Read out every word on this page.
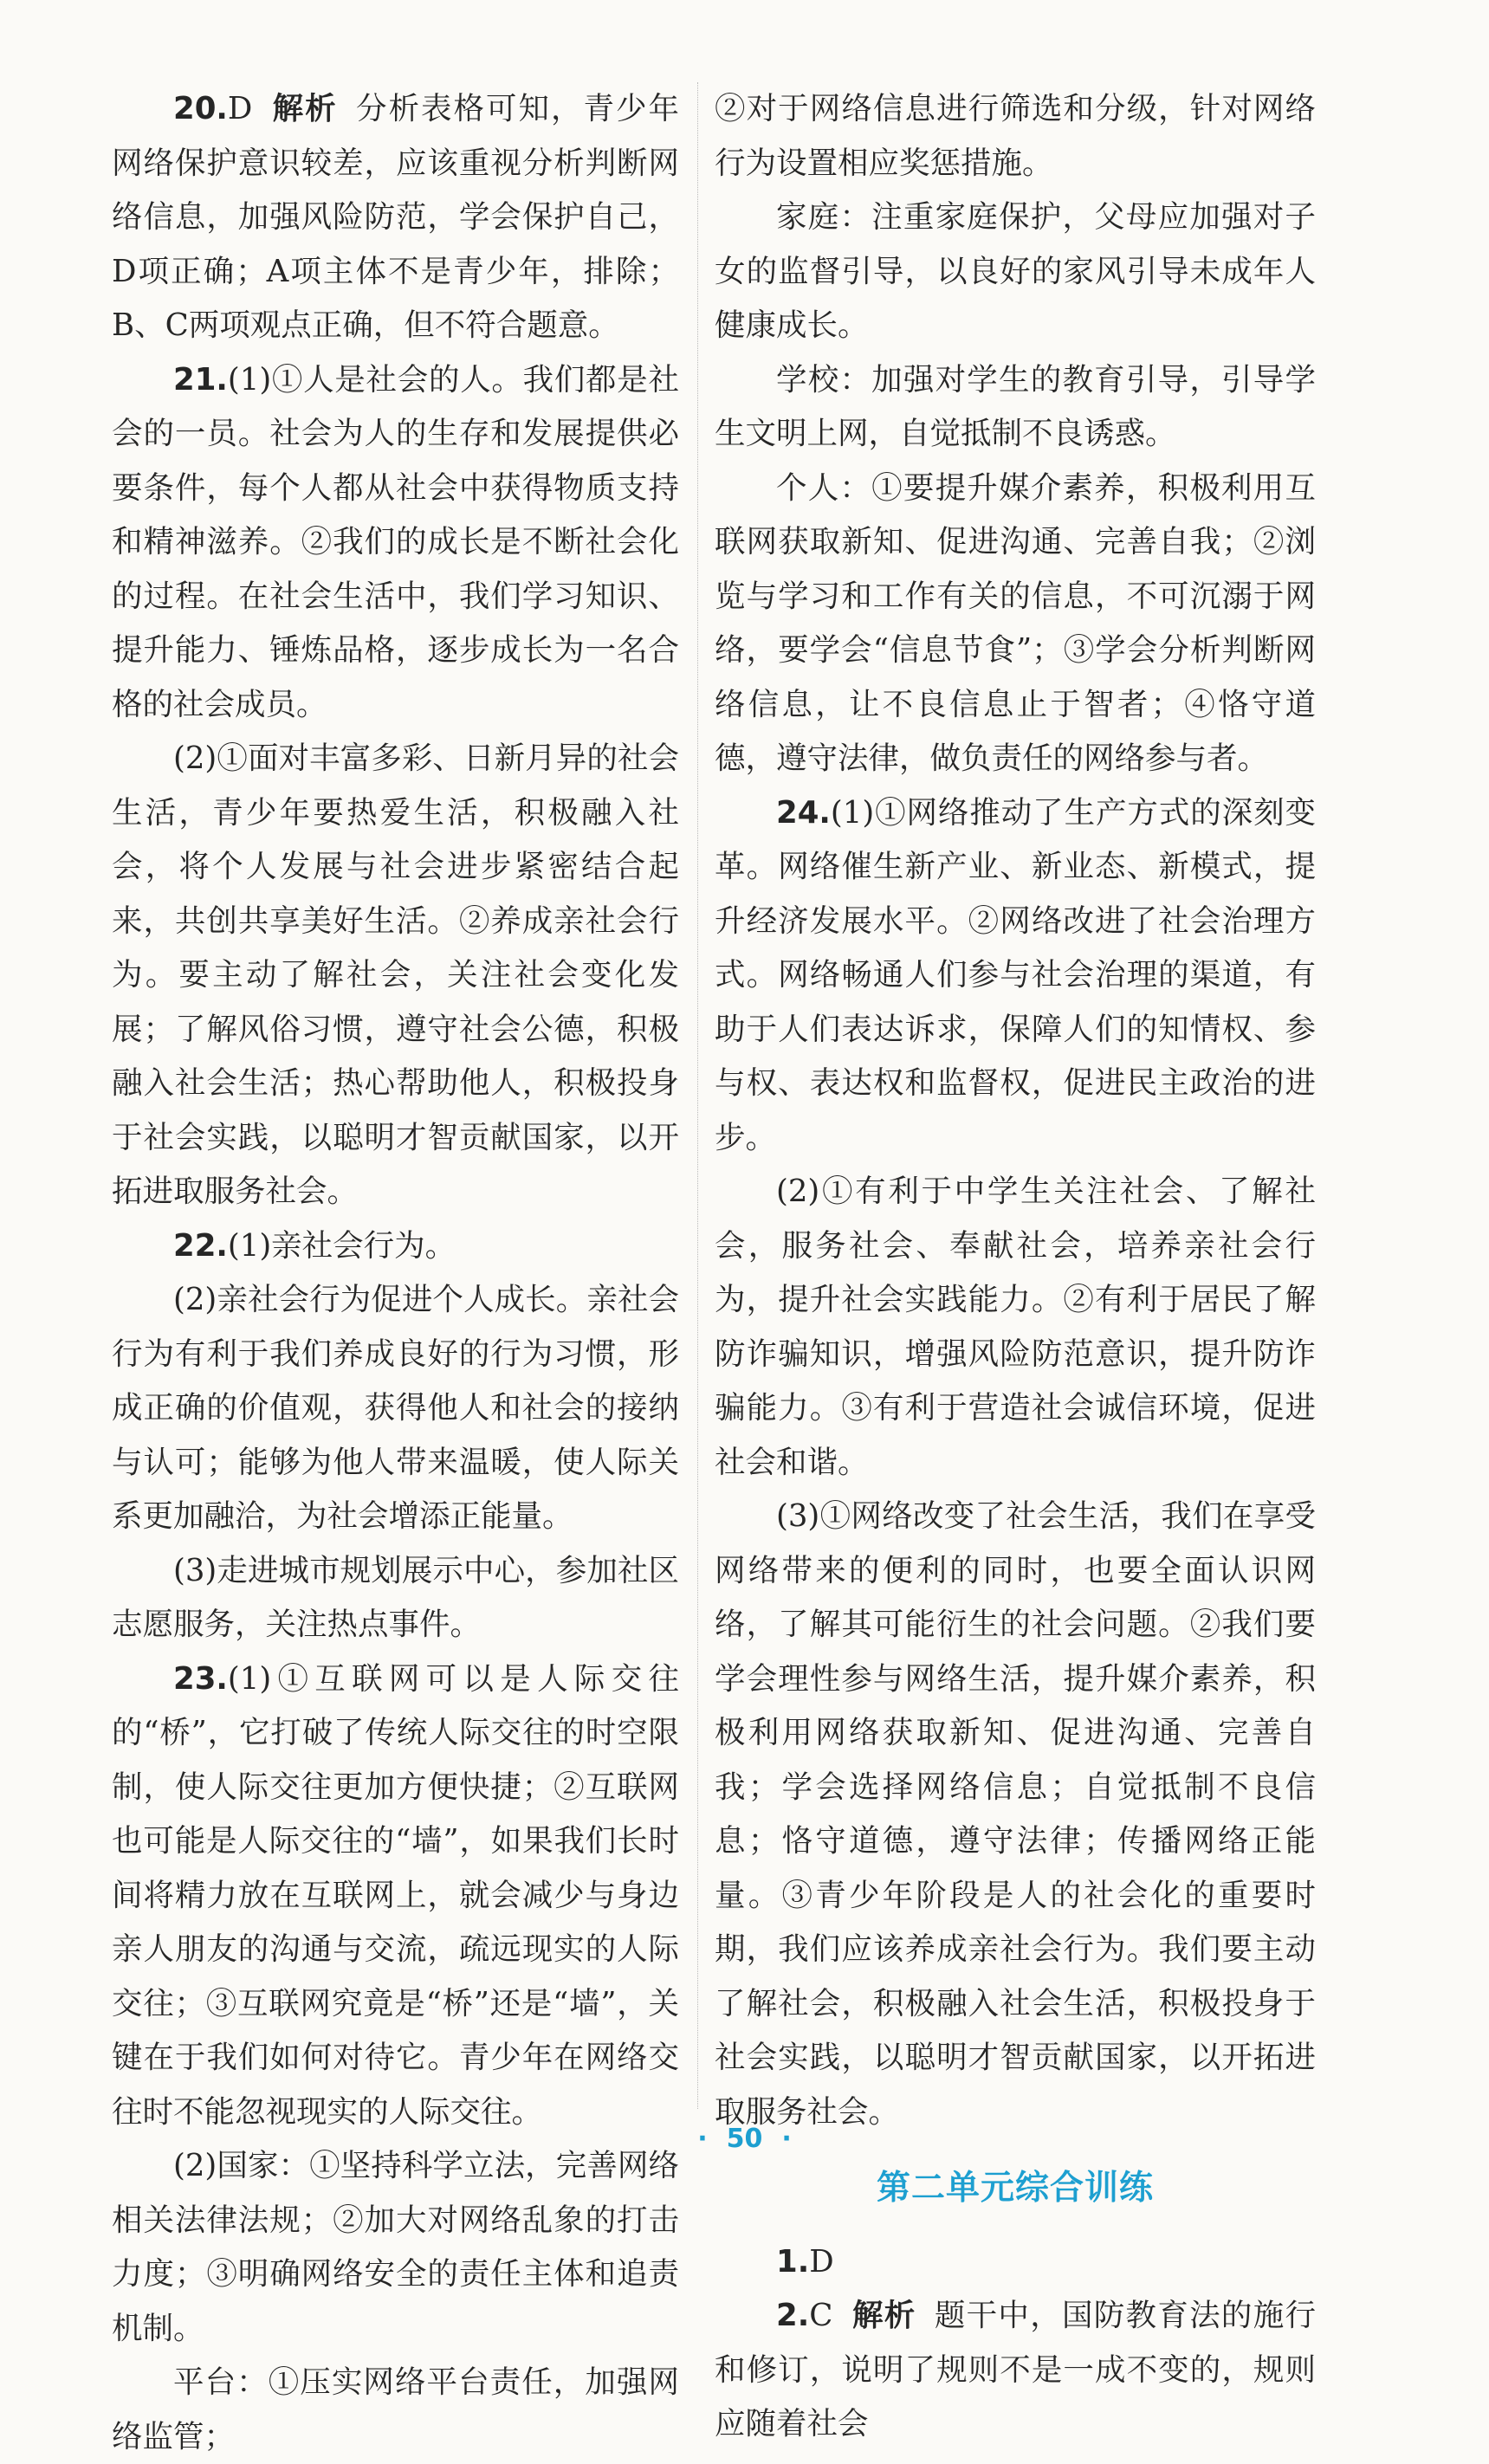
20.D 解析 分析表格可知，青少年网络保护意识较差，应该重视分析判断网络信息，加强风险防范，学会保护自己，D项正确；A项主体不是青少年，排除；B、C两项观点正确，但不符合题意。

21.(1)①人是社会的人。我们都是社会的一员。社会为人的生存和发展提供必要条件，每个人都从社会中获得物质支持和精神滋养。②我们的成长是不断社会化的过程。在社会生活中，我们学习知识、提升能力、锤炼品格，逐步成长为一名合格的社会成员。

(2)①面对丰富多彩、日新月异的社会生活，青少年要热爱生活，积极融入社会，将个人发展与社会进步紧密结合起来，共创共享美好生活。②养成亲社会行为。要主动了解社会，关注社会变化发展；了解风俗习惯，遵守社会公德，积极融入社会生活；热心帮助他人，积极投身于社会实践，以聪明才智贡献国家，以开拓进取服务社会。

22.(1)亲社会行为。

(2)亲社会行为促进个人成长。亲社会行为有利于我们养成良好的行为习惯，形成正确的价值观，获得他人和社会的接纳与认可；能够为他人带来温暖，使人际关系更加融洽，为社会增添正能量。

(3)走进城市规划展示中心，参加社区志愿服务，关注热点事件。

23.(1)①互联网可以是人际交往的“桥”，它打破了传统人际交往的时空限制，使人际交往更加方便快捷；②互联网也可能是人际交往的“墙”，如果我们长时间将精力放在互联网上，就会减少与身边亲人朋友的沟通与交流，疏远现实的人际交往；③互联网究竟是“桥”还是“墙”，关键在于我们如何对待它。青少年在网络交往时不能忽视现实的人际交往。

(2)国家：①坚持科学立法，完善网络相关法律法规；②加大对网络乱象的打击力度；③明确网络安全的责任主体和追责机制。

平台：①压实网络平台责任，加强网络监管；

②对于网络信息进行筛选和分级，针对网络行为设置相应奖惩措施。

家庭：注重家庭保护，父母应加强对子女的监督引导，以良好的家风引导未成年人健康成长。

学校：加强对学生的教育引导，引导学生文明上网，自觉抵制不良诱惑。

个人：①要提升媒介素养，积极利用互联网获取新知、促进沟通、完善自我；②浏览与学习和工作有关的信息，不可沉溺于网络，要学会“信息节食”；③学会分析判断网络信息，让不良信息止于智者；④恪守道德，遵守法律，做负责任的网络参与者。

24.(1)①网络推动了生产方式的深刻变革。网络催生新产业、新业态、新模式，提升经济发展水平。②网络改进了社会治理方式。网络畅通人们参与社会治理的渠道，有助于人们表达诉求，保障人们的知情权、参与权、表达权和监督权，促进民主政治的进步。

(2)①有利于中学生关注社会、了解社会，服务社会、奉献社会，培养亲社会行为，提升社会实践能力。②有利于居民了解防诈骗知识，增强风险防范意识，提升防诈骗能力。③有利于营造社会诚信环境，促进社会和谐。

(3)①网络改变了社会生活，我们在享受网络带来的便利的同时，也要全面认识网络，了解其可能衍生的社会问题。②我们要学会理性参与网络生活，提升媒介素养，积极利用网络获取新知、促进沟通、完善自我；学会选择网络信息；自觉抵制不良信息；恪守道德，遵守法律；传播网络正能量。③青少年阶段是人的社会化的重要时期，我们应该养成亲社会行为。我们要主动了解社会，积极融入社会生活，积极投身于社会实践，以聪明才智贡献国家，以开拓进取服务社会。

第二单元综合训练

1.D

2.C 解析 题干中，国防教育法的施行和修订，说明了规则不是一成不变的，规则应随着社会

· 50 ·
